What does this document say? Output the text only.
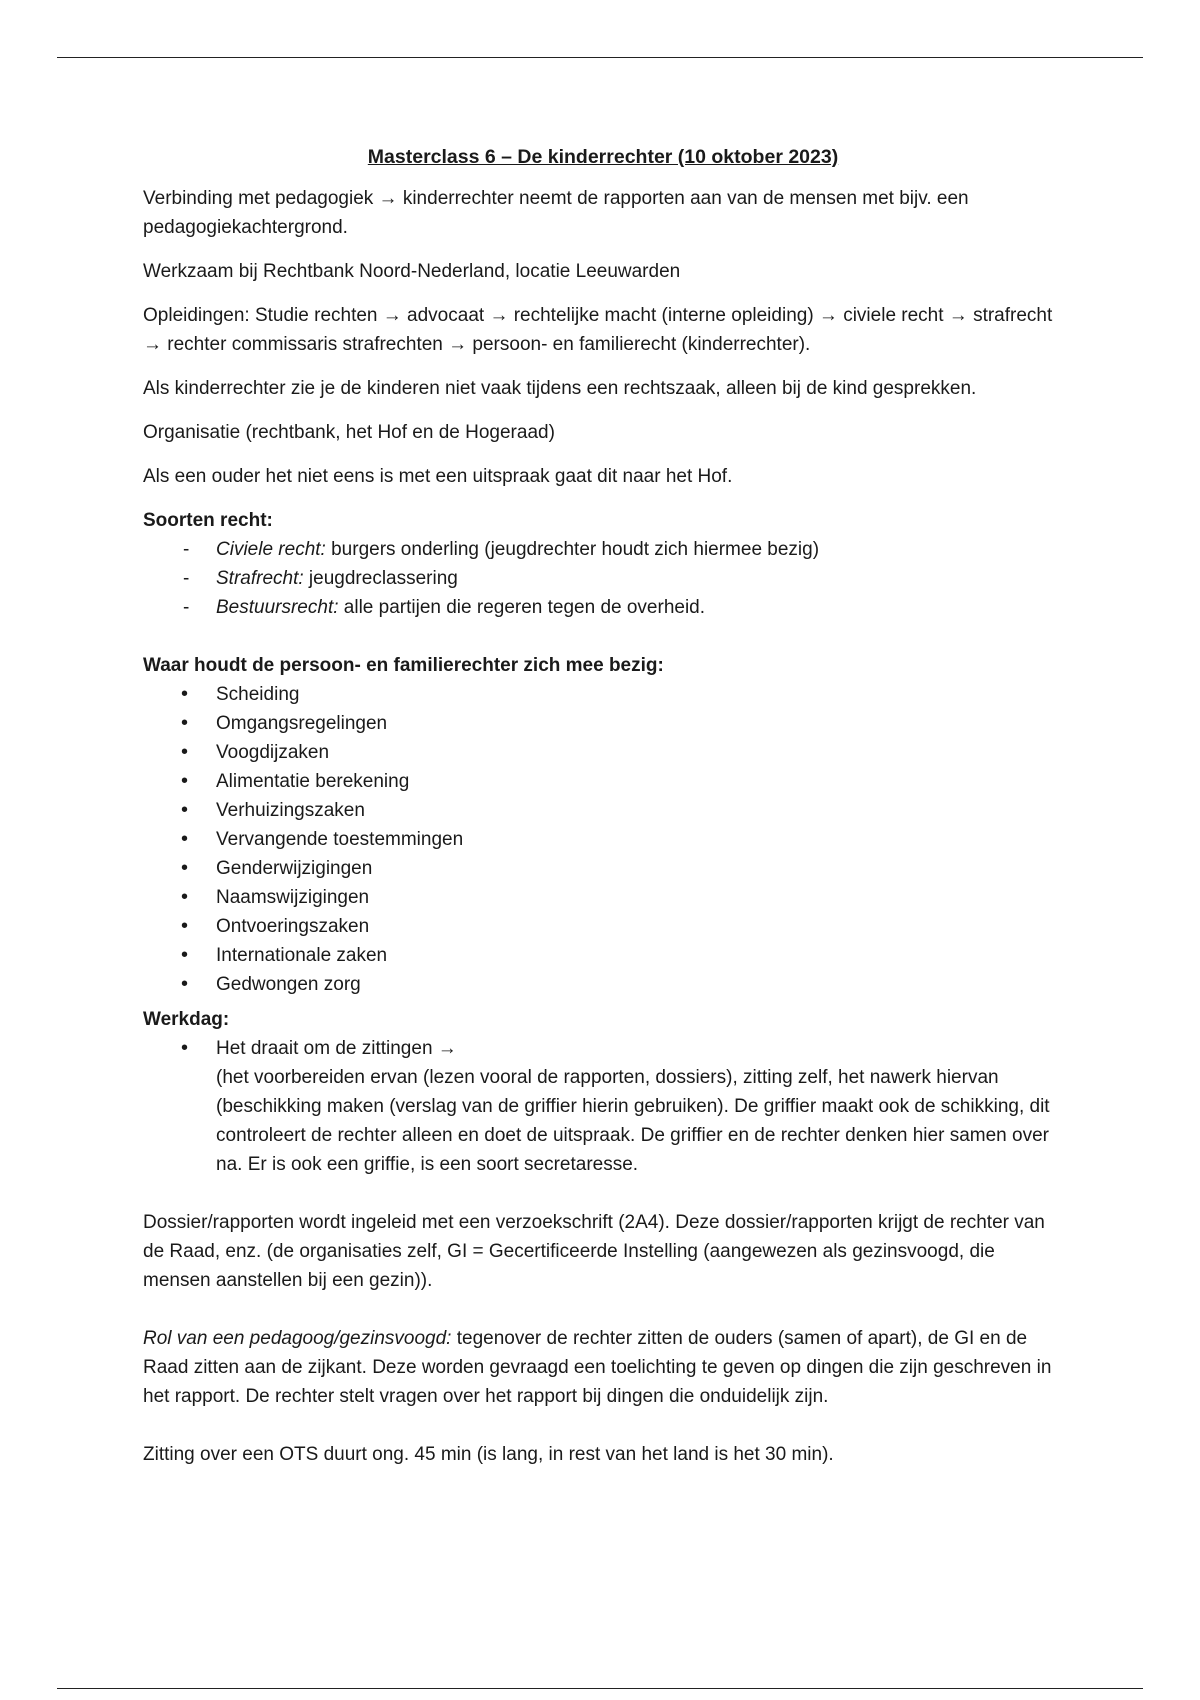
Masterclass 6 – De kinderrechter (10 oktober 2023)

Verbinding met pedagogiek → kinderrechter neemt de rapporten aan van de mensen met bijv. een pedagogiekachtergrond.

Werkzaam bij Rechtbank Noord-Nederland, locatie Leeuwarden

Opleidingen: Studie rechten → advocaat → rechtelijke macht (interne opleiding) → civiele recht → strafrecht → rechter commissaris strafrechten → persoon- en familierecht (kinderrechter).

Als kinderrechter zie je de kinderen niet vaak tijdens een rechtszaak, alleen bij de kind gesprekken.

Organisatie (rechtbank, het Hof en de Hogeraad)

Als een ouder het niet eens is met een uitspraak gaat dit naar het Hof.

Soorten recht:

- Civiele recht: burgers onderling (jeugdrechter houdt zich hiermee bezig)
- Strafrecht: jeugdreclassering
- Bestuursrecht: alle partijen die regeren tegen de overheid.

Waar houdt de persoon- en familierechter zich mee bezig:

• Scheiding
• Omgangsregelingen
• Voogdijzaken
• Alimentatie berekening
• Verhuizingszaken
• Vervangende toestemmingen
• Genderwijzigingen
• Naamswijzigingen
• Ontvoeringszaken
• Internationale zaken
• Gedwongen zorg

Werkdag:

• Het draait om de zittingen →
(het voorbereiden ervan (lezen vooral de rapporten, dossiers), zitting zelf, het nawerk hiervan (beschikking maken (verslag van de griffier hierin gebruiken). De griffier maakt ook de schikking, dit controleert de rechter alleen en doet de uitspraak. De griffier en de rechter denken hier samen over na. Er is ook een griffie, is een soort secretaresse.

Dossier/rapporten wordt ingeleid met een verzoekschrift (2A4). Deze dossier/rapporten krijgt de rechter van de Raad, enz. (de organisaties zelf, GI = Gecertificeerde Instelling (aangewezen als gezinsvoogd, die mensen aanstellen bij een gezin)).

Rol van een pedagoog/gezinsvoogd: tegenover de rechter zitten de ouders (samen of apart), de GI en de Raad zitten aan de zijkant. Deze worden gevraagd een toelichting te geven op dingen die zijn geschreven in het rapport. De rechter stelt vragen over het rapport bij dingen die onduidelijk zijn.

Zitting over een OTS duurt ong. 45 min (is lang, in rest van het land is het 30 min).
